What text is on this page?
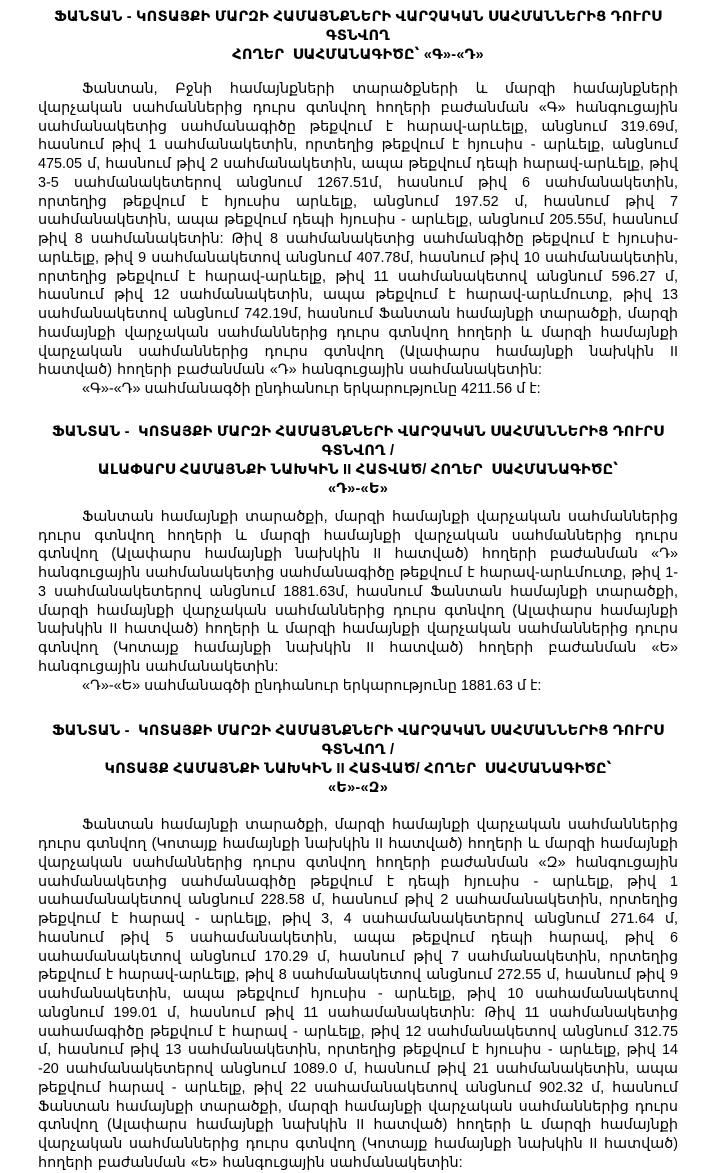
ՖԱՆՏԱՆ - ԿՈՏԱՅՔԻ ՄԱՐԶԻ ՀԱՄԱՅՆՔՆԵՐԻ ՎԱՐՉԱԿԱՆ ՍԱՀՄԱՆՆԵՐԻՑ ԴՈՒՐՍ ԳՏՆՎՈՂ
ՀՈՂԵՐ  ՍԱՀՄԱՆԱԳԻԾԸ՝ «Գ»-«Դ»

Ֆանտան, Բջնի համայնքների տարածքների և մարզի համայնքների վարչական սահմաններից դուրս գտնվող հողերի բաժանման «Գ» հանգուցային սահմանակետից սահմանագիծը թեքվում է հարավ-արևելք, անցնում 319.69մ, հասնում թիվ 1 սահմանակետին, որտեղից թեքվում է հյուսիս - արևելք, անցնում 475.05 մ, հասնում թիվ 2 սահմանակետին, ապա թեքվում դեպի հարավ-արևելք, թիվ 3-5 սահմանակետերով անցնում 1267.51մ, հասնում թիվ 6 սահմանակետին, որտեղից թեքվում է հյուսիս արևելք, անցնում 197.52 մ, հասնում թիվ 7 սահմանակետին, ապա թեքվում դեպի հյուսիս - արևելք, անցնում 205.55մ, հասնում թիվ 8 սահմանակետին: Թիվ 8 սահմանակետից սահմանգիծը թեքվում է հյուսիս-արևելք, թիվ 9 սահմանակետով անցնում 407.78մ, հասնում թիվ 10 սահմանակետին, որտեղից թեքվում է հարավ-արևելք, թիվ 11 սահմանակետով անցնում 596.27 մ, հասնում թիվ 12 սահմանակետին, ապա թեքվում է հարավ-արևմուտք, թիվ 13 սահմանակետով անցնում 742.19մ, հասնում Ֆանտան համայնքի տարածքի, մարզի համայնքի վարչական սահմաններից դուրս գտնվող հողերի և մարզի համայնքի վարչական սահմաններից դուրս գտնվող (Ալափարս համայնքի նախկին II հատված) հողերի բաժանման «Դ» հանգուցային սահմանակետին:

«Գ»-«Դ» սահմանագծի ընդհանուր երկարությունը 4211.56 մ է:

ՖԱՆՏԱՆ -  ԿՈՏԱՅՔԻ ՄԱՐԶԻ ՀԱՄԱՅՆՔՆԵՐԻ ՎԱՐՉԱԿԱՆ ՍԱՀՄԱՆՆԵՐԻՑ ԴՈՒՐՍ ԳՏՆՎՈՂ /
ԱԼԱՓԱՐՍ ՀԱՄԱՅՆՔԻ ՆԱԽԿԻՆ II ՀԱՏՎԱԾ/ ՀՈՂԵՐ  ՍԱՀՄԱՆԱԳԻԾԸ՝
«Դ»-«Ե»

Ֆանտան համայնքի տարածքի, մարզի համայնքի վարչական սահմաններից դուրս գտնվող հողերի և մարզի համայնքի վարչական սահմաններից դուրս գտնվող (Ալափարս համայնքի նախկին II հատված) հողերի բաժանման «Դ» հանգուցային սահմանակետից սահմանագիծը թեքվում է հարավ-արևմուտք, թիվ 1-3 սահմանակետերով անցնում 1881.63մ, հասնում Ֆանտան համայնքի տարածքի, մարզի համայնքի վարչական սահմաններից դուրս գտնվող (Ալափարս համայնքի նախկին II հատված) հողերի և մարզի համայնքի վարչական սահմաններից դուրս գտնվող (Կոտայք համայնքի նախկին II հատված) հողերի բաժանման «Ե» հանգուցային սահմանակետին:

«Դ»-«Ե» սահմանագծի ընդհանուր երկարությունը 1881.63 մ է:

ՖԱՆՏԱՆ -  ԿՈՏԱՅՔԻ ՄԱՐԶԻ ՀԱՄԱՅՆՔՆԵՐԻ ՎԱՐՉԱԿԱՆ ՍԱՀՄԱՆՆԵՐԻՑ ԴՈՒՐՍ ԳՏՆՎՈՂ /
ԿՈՏԱՅՔ ՀԱՄԱՅՆՔԻ ՆԱԽԿԻՆ II ՀԱՏՎԱԾ/ ՀՈՂԵՐ  ՍԱՀՄԱՆԱԳԻԾԸ՝
«Ե»-«Զ»

Ֆանտան համայնքի տարածքի, մարզի համայնքի վարչական սահմաններից դուրս գտնվող (Կոտայք համայնքի նախկին II հատված) հողերի և մարզի համայնքի վարչական սահմաններից դուրս գտնվող հողերի բաժանման «Զ» հանգուցային սահմանակետից սահմանագիծը թեքվում է դեպի հյուսիս - արևելք, թիվ 1 սահամանակետով անցնում 228.58 մ, հասնում թիվ 2 սահամանակետին, որտեղից թեքվում է հարավ - արևելք, թիվ 3, 4 սահամանակետերով անցնում 271.64 մ, հասնում թիվ 5 սահամանակետին, ապա թեքվում դեպի հարավ, թիվ 6 սահամանակետով անցնում 170.29 մ, հասնում թիվ 7 սահմանակետին, որտեղից թեքվում է հարավ-արևելք, թիվ 8 սահմանակետով անցնում 272.55 մ, հասնում թիվ 9 սահմանակետին, ապա թեքվում հյուսիս - արևելք, թիվ 10 սահամանակետով անցնում 199.01 մ, հասնում թիվ 11 սահամանակետին: Թիվ 11 սահմանակետից սահամագիծը թեքվում է հարավ - արևելք, թիվ 12 սահմանակետով անցնում 312.75 մ, հասնում թիվ 13 սահմանակետին, որտեղից թեքվում է հյուսիս - արևելք, թիվ 14 -20 սահմանակետերով անցնում 1089.0 մ, հասնում թիվ 21 սահմանակետին, ապա թեքվում հարավ - արևելք, թիվ 22 սահամանակետով անցնում 902.32 մ, հասնում Ֆանտան համայնքի տարածքի, մարզի համայնքի վարչական սահմաններից դուրս գտնվող (Ալափարս համայնքի նախկին II հատված) հողերի և մարզի համայնքի վարչական սահմաններից դուրս գտնվող (Կոտայք համայնքի նախկին II հատված) հողերի բաժանման «Ե» հանգուցային սահմանակետին:
